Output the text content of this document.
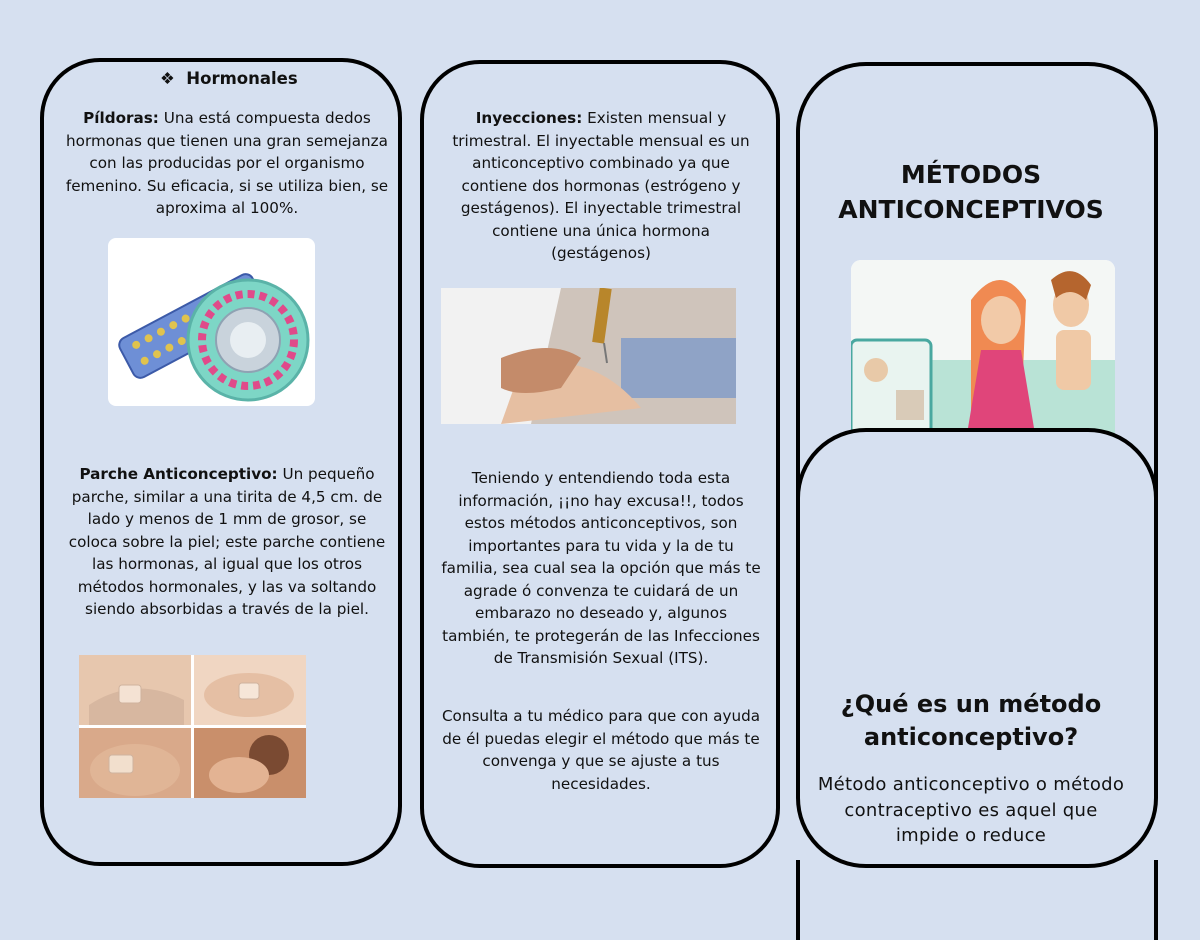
❖ Hormonales
Píldoras: Una está compuesta dedos hormonas que tienen una gran semejanza con las producidas por el organismo femenino. Su eficacia, si se utiliza bien, se aproxima al 100%.
Parche Anticonceptivo: Un pequeño parche, similar a una tirita de 4,5 cm. de lado y menos de 1 mm de grosor, se coloca sobre la piel; este parche contiene las hormonas, al igual que los otros métodos hormonales, y las va soltando siendo absorbidas a través de la piel.
Inyecciones: Existen mensual y trimestral. El inyectable mensual es un anticonceptivo combinado ya que contiene dos hormonas (estrógeno y gestágenos). El inyectable trimestral contiene una única hormona (gestágenos)
Teniendo y entendiendo toda esta información, ¡¡no hay excusa!!, todos estos métodos anticonceptivos, son importantes para tu vida y la de tu familia, sea cual sea la opción que más te agrade ó convenza te cuidará de un embarazo no deseado y, algunos también, te protegerán de las Infecciones de Transmisión Sexual (ITS).
Consulta a tu médico para que con ayuda de él puedas elegir el método que más te convenga y que se ajuste a tus necesidades.
MÉTODOS
ANTICONCEPTIVOS
¿Qué es un método
anticonceptivo?
Método anticonceptivo o método contraceptivo es aquel que impide o reduce
